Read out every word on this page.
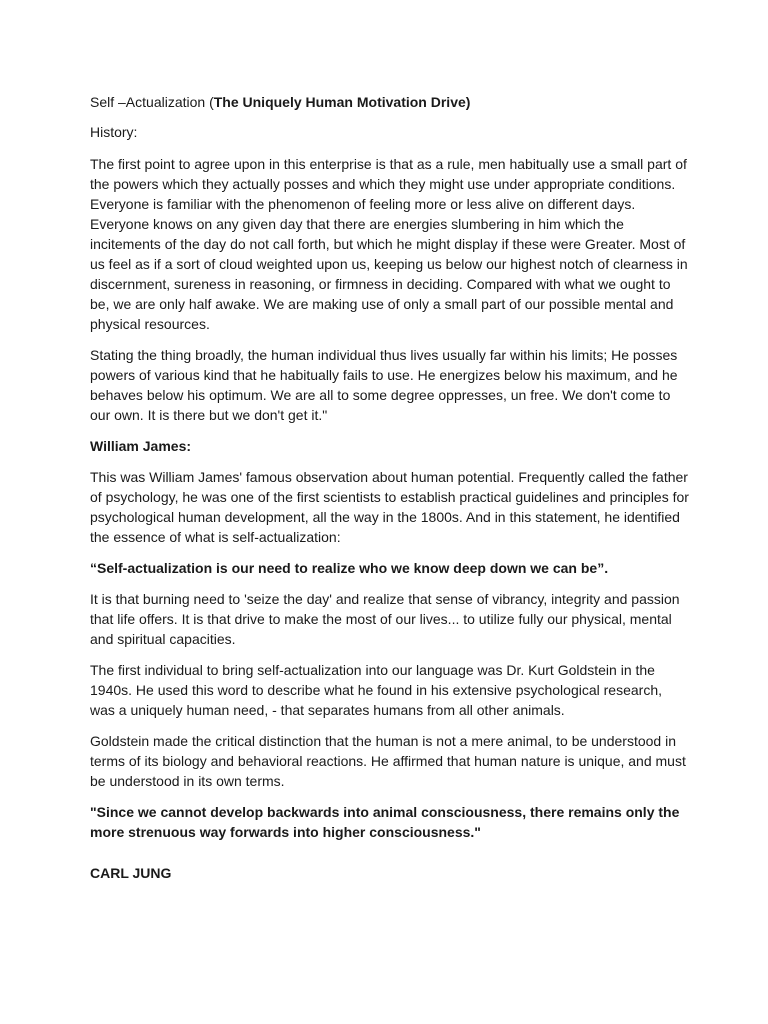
Self –Actualization (The Uniquely Human Motivation Drive)
History:

The first point to agree upon in this enterprise is that as a rule, men habitually use a small part of the powers which they actually posses and which they might use under appropriate conditions. Everyone is familiar with the phenomenon of feeling more or less alive on different days. Everyone knows on any given day that there are energies slumbering in him which the incitements of the day do not call forth, but which he might display if these were Greater. Most of us feel as if a sort of cloud weighted upon us, keeping us below our highest notch of clearness in discernment, sureness in reasoning, or firmness in deciding. Compared with what we ought to be, we are only half awake. We are making use of only a small part of our possible mental and physical resources.

Stating the thing broadly, the human individual thus lives usually far within his limits; He posses powers of various kind that he habitually fails to use. He energizes below his maximum, and he behaves below his optimum. We are all to some degree oppresses, un free. We don't come to our own. It is there but we don't get it."

William James:

This was William James' famous observation about human potential. Frequently called the father of psychology, he was one of the first scientists to establish practical guidelines and principles for psychological human development, all the way in the 1800s. And in this statement, he identified the essence of what is self-actualization:

“Self-actualization is our need to realize who we know deep down we can be”.

It is that burning need to 'seize the day' and realize that sense of vibrancy, integrity and passion that life offers. It is that drive to make the most of our lives... to utilize fully our physical, mental and spiritual capacities.

The first individual to bring self-actualization into our language was Dr. Kurt Goldstein in the 1940s. He used this word to describe what he found in his extensive psychological research, was a uniquely human need, - that separates humans from all other animals.

Goldstein made the critical distinction that the human is not a mere animal, to be understood in terms of its biology and behavioral reactions. He affirmed that human nature is unique, and must be understood in its own terms.

"Since we cannot develop backwards into animal consciousness, there remains only the more strenuous way forwards into higher consciousness."
CARL JUNG
